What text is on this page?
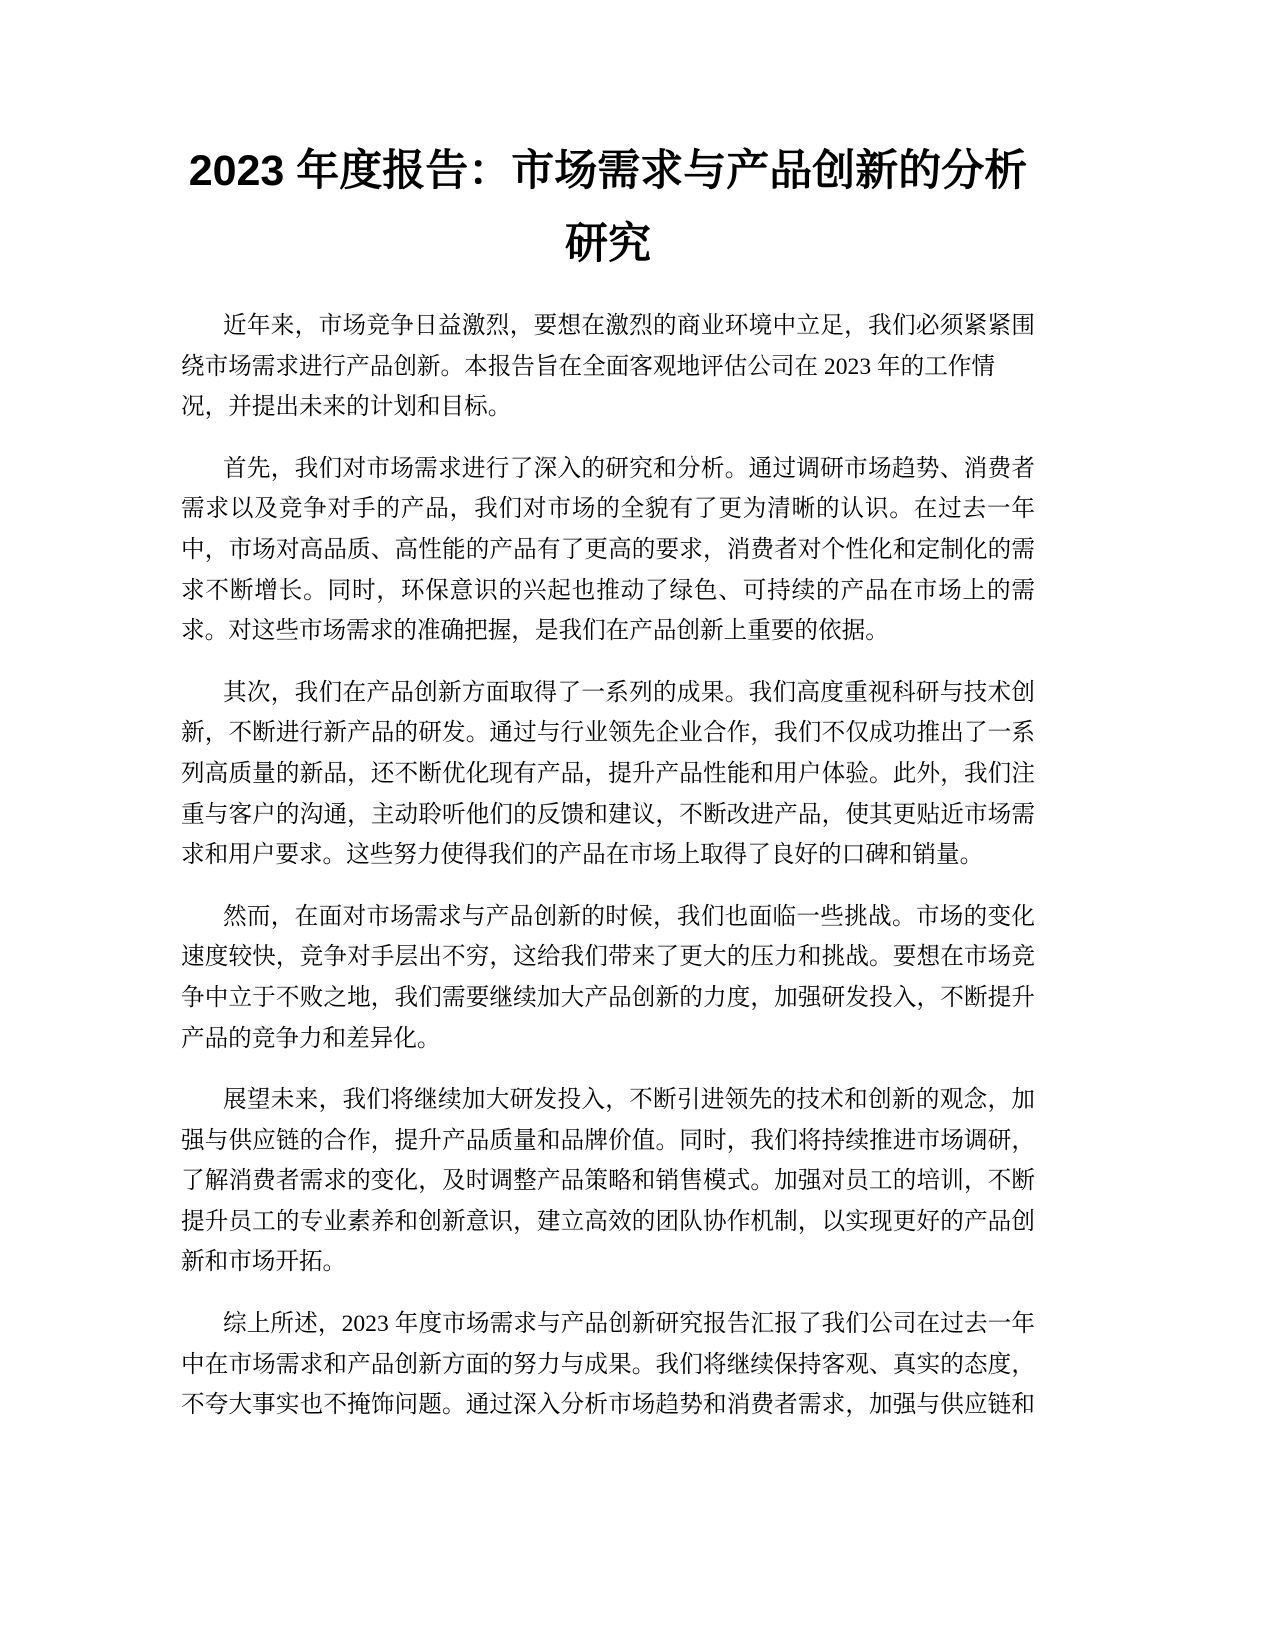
2023 年度报告：市场需求与产品创新的分析
研究

近年来，市场竞争日益激烈，要想在激烈的商业环境中立足，我们必须紧紧围
绕市场需求进行产品创新。本报告旨在全面客观地评估公司在 2023 年的工作情
况，并提出未来的计划和目标。

首先，我们对市场需求进行了深入的研究和分析。通过调研市场趋势、消费者
需求以及竞争对手的产品，我们对市场的全貌有了更为清晰的认识。在过去一年
中，市场对高品质、高性能的产品有了更高的要求，消费者对个性化和定制化的需
求不断增长。同时，环保意识的兴起也推动了绿色、可持续的产品在市场上的需
求。对这些市场需求的准确把握，是我们在产品创新上重要的依据。

其次，我们在产品创新方面取得了一系列的成果。我们高度重视科研与技术创
新，不断进行新产品的研发。通过与行业领先企业合作，我们不仅成功推出了一系
列高质量的新品，还不断优化现有产品，提升产品性能和用户体验。此外，我们注
重与客户的沟通，主动聆听他们的反馈和建议，不断改进产品，使其更贴近市场需
求和用户要求。这些努力使得我们的产品在市场上取得了良好的口碑和销量。

然而，在面对市场需求与产品创新的时候，我们也面临一些挑战。市场的变化
速度较快，竞争对手层出不穷，这给我们带来了更大的压力和挑战。要想在市场竞
争中立于不败之地，我们需要继续加大产品创新的力度，加强研发投入，不断提升
产品的竞争力和差异化。

展望未来，我们将继续加大研发投入，不断引进领先的技术和创新的观念，加
强与供应链的合作，提升产品质量和品牌价值。同时，我们将持续推进市场调研，
了解消费者需求的变化，及时调整产品策略和销售模式。加强对员工的培训，不断
提升员工的专业素养和创新意识，建立高效的团队协作机制，以实现更好的产品创
新和市场开拓。

综上所述，2023 年度市场需求与产品创新研究报告汇报了我们公司在过去一年
中在市场需求和产品创新方面的努力与成果。我们将继续保持客观、真实的态度，
不夸大事实也不掩饰问题。通过深入分析市场趋势和消费者需求，加强与供应链和
